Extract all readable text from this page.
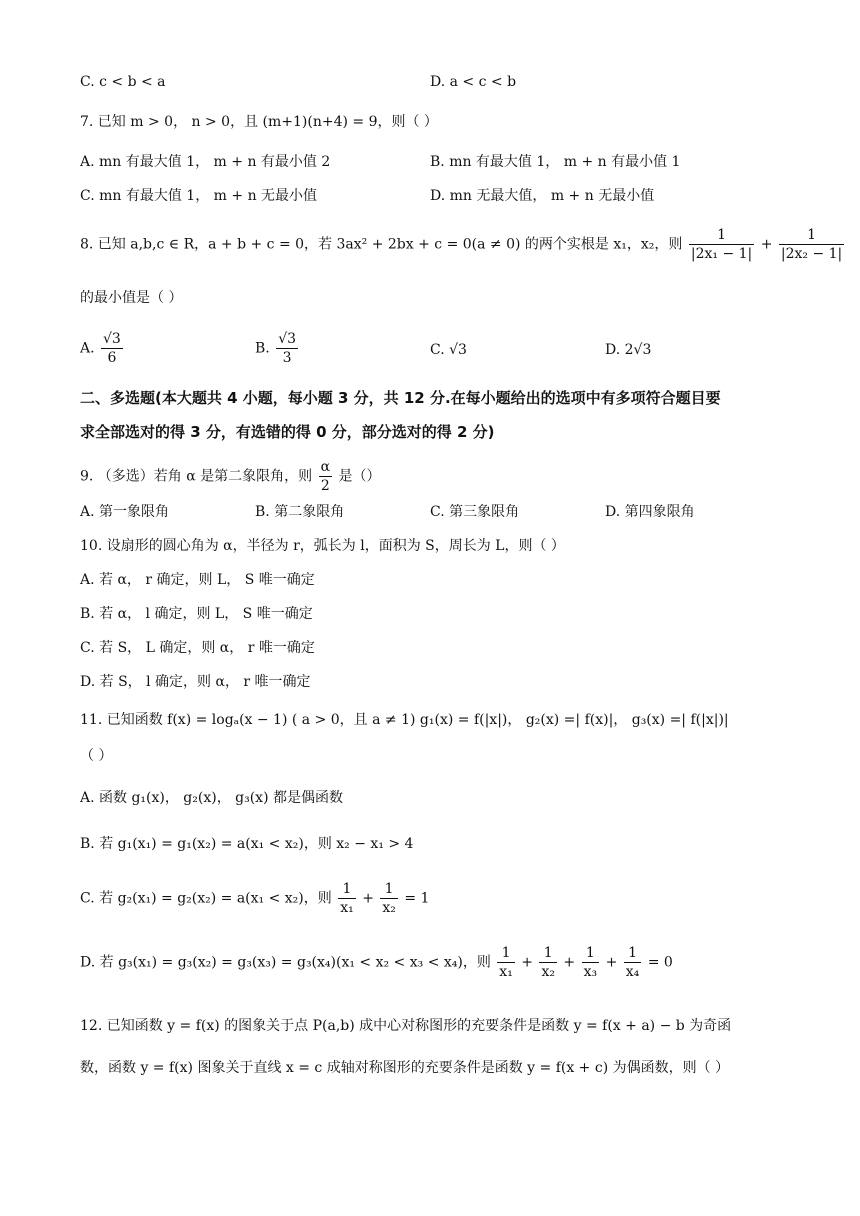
C. c < b < a	D. a < c < b
7. 已知 m > 0， n > 0，且 (m+1)(n+4) = 9，则（ ）
A. mn 有最大值 1， m + n 有最小值 2	B. mn 有最大值 1， m + n 有最小值 1
C. mn 有最大值 1， m + n 无最小值	D. mn 无最大值， m + n 无最小值
8. 已知 a,b,c ∈ R，a + b + c = 0，若 3ax² + 2bx + c = 0(a ≠ 0) 的两个实根是 x₁，x₂，则 $\frac{1}{\text{|2x₁ − 1|}} + \frac{1}{\text{|2x₂ − 1|}}$
的最小值是（ ）
A. $\frac{√3}{6}$	B. $\frac{√3}{3}$	C. √3	D. 2√3
二、多选题(本大题共 4 小题，每小题 3 分，共 12 分.在每小题给出的选项中有多项符合题目要
求全部选对的得 3 分，有选错的得 0 分，部分选对的得 2 分)
9. （多选）若角 α 是第二象限角，则 $\frac{\alpha}{2}$ 是（）
A. 第一象限角	B. 第二象限角	C. 第三象限角	D. 第四象限角
10. 设扇形的圆心角为 α，半径为 r，弧长为 l，面积为 S，周长为 L，则（ ）
A. 若 α， r 确定，则 L， S 唯一确定
B. 若 α， l 确定，则 L， S 唯一确定
C. 若 S， L 确定，则 α， r 唯一确定
D. 若 S， l 确定，则 α， r 唯一确定
11. 已知函数 f(x) = logₐ(x − 1) ( a > 0，且 a ≠ 1) g₁(x) = f(|x|)， g₂(x) =| f(x)|， g₃(x) =| f(|x|)|
（ ）
A. 函数 g₁(x)， g₂(x)， g₃(x) 都是偶函数
B. 若 g₁(x₁) = g₁(x₂) = a(x₁ < x₂)，则 x₂ − x₁ > 4
C. 若 g₂(x₁) = g₂(x₂) = a(x₁ < x₂)，则 $\frac{1}{\text{x₁}} + \frac{1}{\text{x₂}} = 1$
D. 若 g₃(x₁) = g₃(x₂) = g₃(x₃) = g₃(x₄)(x₁ < x₂ < x₃ < x₄)，则 $\frac{1}{\text{x₁}} + \frac{1}{\text{x₂}} + \frac{1}{\text{x₃}} + \frac{1}{\text{x₄}} = 0$
12. 已知函数 y = f(x) 的图象关于点 P(a,b) 成中心对称图形的充要条件是函数 y = f(x + a) − b 为奇函
数，函数 y = f(x) 图象关于直线 x = c 成轴对称图形的充要条件是函数 y = f(x + c) 为偶函数，则（ ）
